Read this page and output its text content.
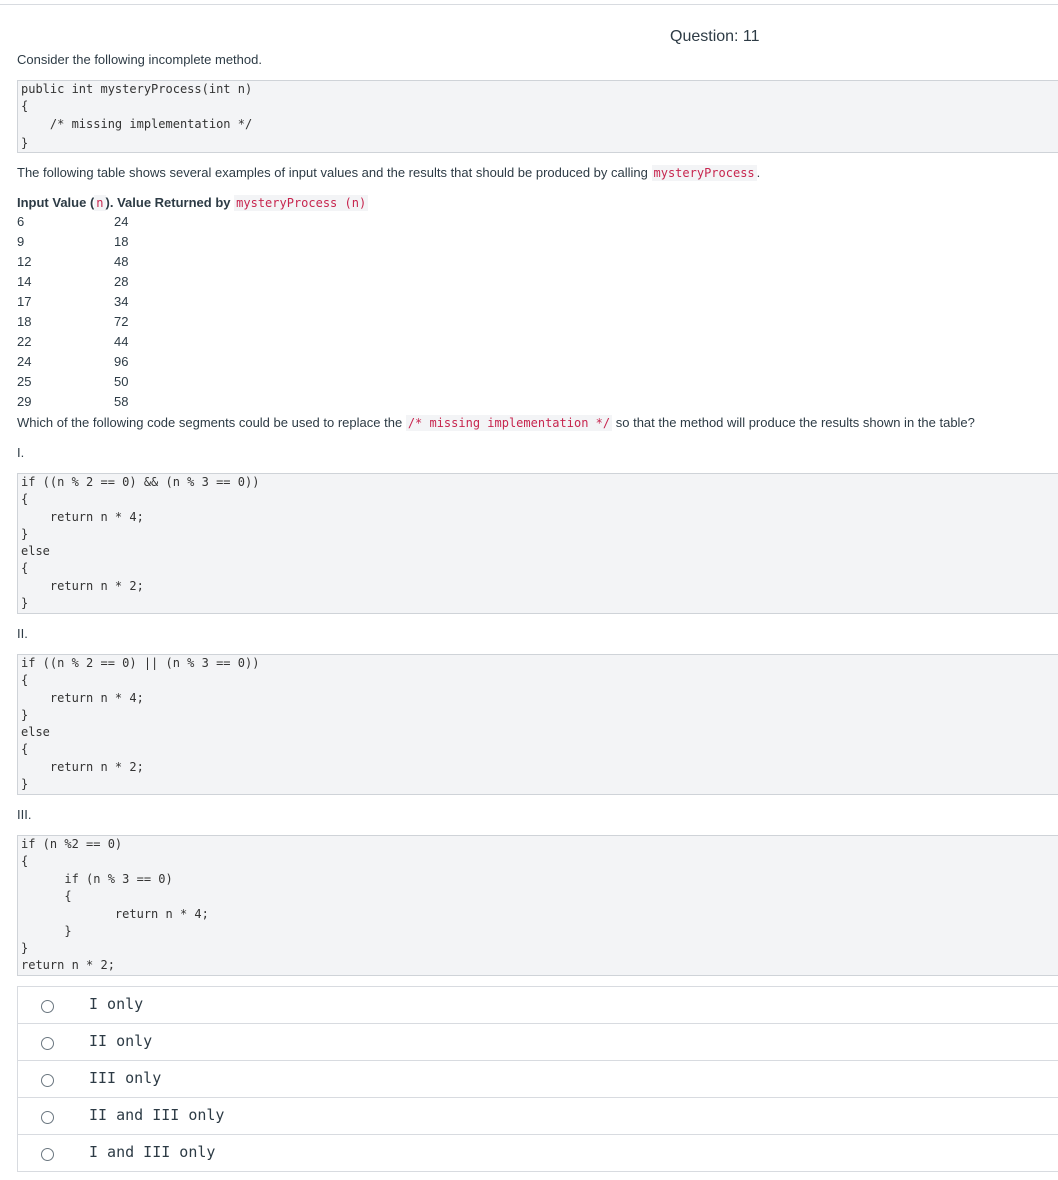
Question: 11
Consider the following incomplete method.

public int mysteryProcess(int n)

{

/* missing implementation */

}

The following table shows several examples of input values and the results that should be produced by calling mysteryProcess .
Input Value ( n ). Value Returned by mysteryProcess (n)
6	24
9	18
12	48
14	28
17	34
18	72
22	44
24	96
25	50
29	58
Which of the following code segments could be used to replace the /* missing implementation */ so that the method will produce the results shown in the table?
I.

if ((n % 2 == 0) && (n % 3 == 0))

{

return n * 4;

}

else

{

return n * 2;

}

II.

if ((n % 2 == 0) || (n % 3 == 0))

{

return n * 4;

}

else

{

return n * 2;

}

III.

if (n %2 == 0)

{

if (n % 3 == 0)

{

return n * 4;

}

}

return n * 2;

I only
II only
III only
II and III only
I and III only
